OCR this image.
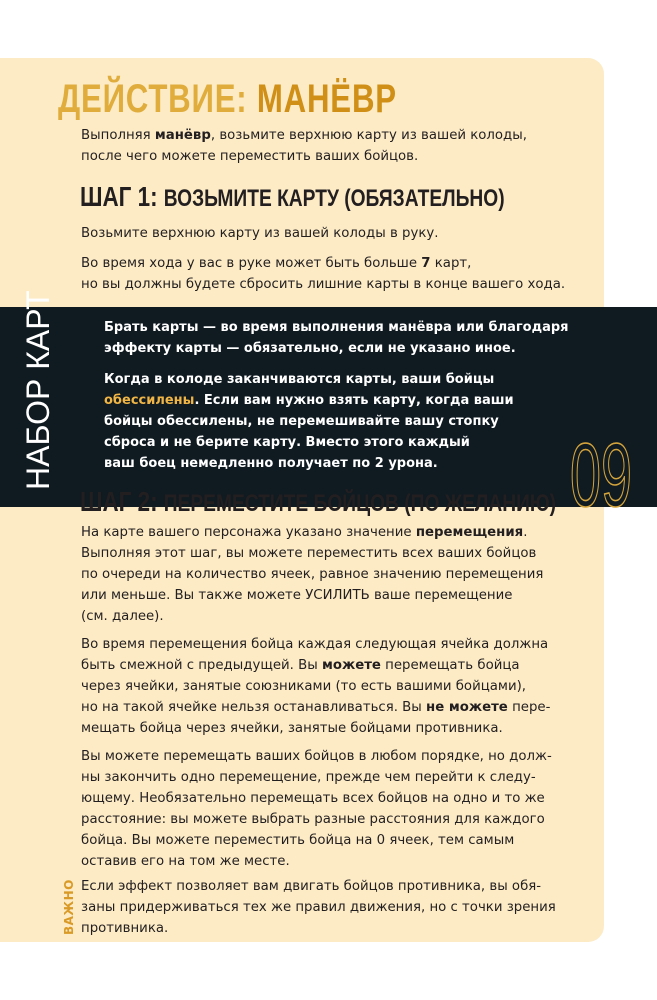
ДЕЙСТВИЕ: МАНЁВР

Выполняя манёвр, возьмите верхнюю карту из вашей колоды,

после чего можете переместить ваших бойцов.

ШАГ 1: ВОЗЬМИТЕ КАРТУ (ОБЯЗАТЕЛЬНО)

Возьмите верхнюю карту из вашей колоды в руку.

Во время хода у вас в руке может быть больше 7 карт,

но вы должны будете сбросить лишние карты в конце вашего хода.

НАБОР КАРТ	Брать карты — во время выполнения манёвра или благодаря

эффекту карты — обязательно, если не указано иное.

Когда в колоде заканчиваются карты, ваши бойцы

обессилены. Если вам нужно взять карту, когда ваши

бойцы обессилены, не перемешивайте вашу стопку

сброса и не берите карту. Вместо этого каждый

ваш боец немедленно получает по 2 урона. 09
ШАГ 2: ПЕРЕМЕСТИТЕ БОЙЦОВ (ПО ЖЕЛАНИЮ)

На карте вашего персонажа указано значение перемещения.

Выполняя этот шаг, вы можете переместить всех ваших бойцов

по очереди на количество ячеек, равное значению перемещения

или меньше. Вы также можете УСИЛИТЬ ваше перемещение

(см. далее).

Во время перемещения бойца каждая следующая ячейка должна

быть смежной с предыдущей. Вы можете перемещать бойца

через ячейки, занятые союзниками (то есть вашими бойцами),

но на такой ячейке нельзя останавливаться. Вы не можете пере-

мещать бойца через ячейки, занятые бойцами противника.

Вы можете перемещать ваших бойцов в любом порядке, но долж-

ны закончить одно перемещение, прежде чем перейти к следу-

ющему. Необязательно перемещать всех бойцов на одно и то же

расстояние: вы можете выбрать разные расстояния для каждого

бойца. Вы можете переместить бойца на 0 ячеек, тем самым

оставив его на том же месте.

ВАЖНО Если эффект позволяет вам двигать бойцов противника, вы обя-

заны придерживаться тех же правил движения, но с точки зрения

противника.
